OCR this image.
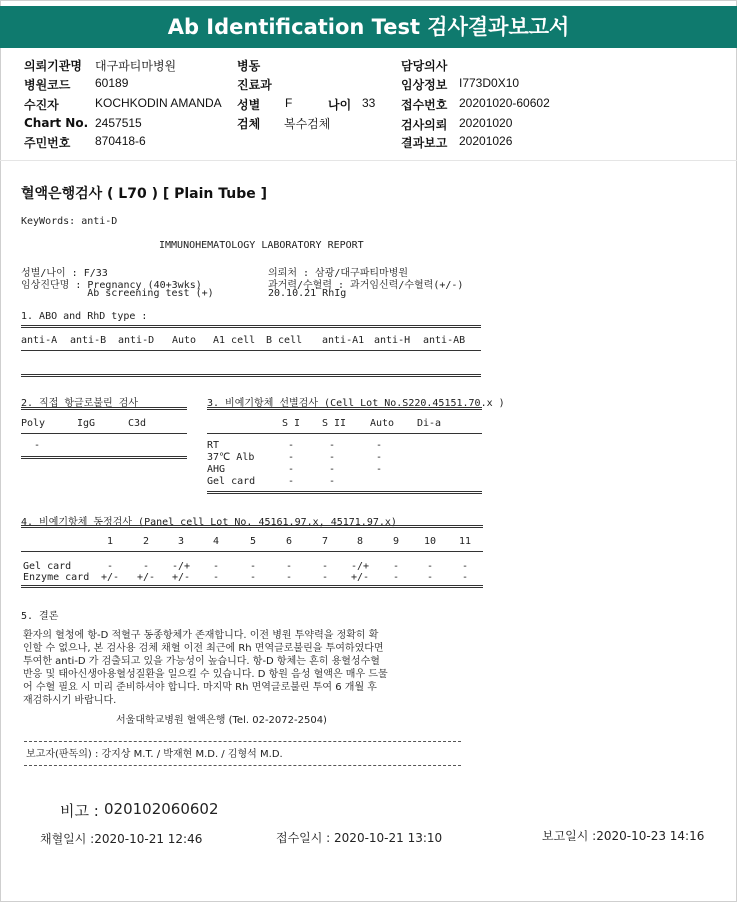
Ab Identification Test 검사결과보고서
의뢰기관명 대구파티마병원
병원코드 60189
수진자	KOCHKODIN AMANDA
Chart No. 2457515
주민번호 870418-6
병동
진료과
성별 F	나이 33
검체 복수검체
담당의사
임상정보 I773D0X10
접수번호 20201020-60602
검사의뢰 20201020
결과보고 20201026
혈액은행검사 ( L70 ) [ Plain Tube ]
KeyWords: anti-D
IMMUNOHEMATOLOGY LABORATORY REPORT
성별/나이 : F/33
임상진단명 : Pregnancy (40+3wks)
Ab screening test (+)
의뢰처 : 삼광/대구파티마병원
과거력/수혈력 : 과거임신력/수혈력(+/-)
20.10.21 RhIg
1. ABO and RhD type :
anti-A anti-B anti-D Auto A1 cell B cell anti-A1 anti-H anti-AB
2. 직접 항글로불린 검사
Poly	IgG	C3d
-
3. 비예기항체 선별검사 (Cell Lot No.S220.45151.70.x )
S I S II Auto Di-a
RT	-	-	-
37℃ Alb	-	-	-
AHG	-	-	-
Gel card	-	-
4. 비예기항체 동정검사 (Panel cell Lot No. 45161.97.x, 45171.97.x)
1	2	3	4	5	6	7	8	9 10 11
Gel card	-	- -/+ -	-	-	- -/+ -	-	-
Enzyme card +/- +/- +/- -	-	-	- +/- -	-	-
5. 결론
환자의 혈청에 항-D 적혈구 동종항체가 존재합니다. 이전 병원 투약력을 정확히 확
인할 수 없으나, 본 검사용 검체 채혈 이전 최근에 Rh 면역글로불린을 투여하였다면
투여한 anti-D 가 검출되고 있을 가능성이 높습니다. 항-D 항체는 흔히 용혈성수혈
반응 및 태아신생아용혈성질환을 일으킬 수 있습니다. D 항원 음성 혈액은 매우 드물
어 수혈 필요 시 미리 준비하셔야 합니다. 마지막 Rh 면역글로불린 투여 6 개월 후
재검하시기 바랍니다.
서울대학교병원 혈액은행 (Tel. 02-2072-2504)
보고자(판독의) : 강지상 M.T. / 박재현 M.D. / 김형석 M.D.
비고 : 020102060602
채혈일시 :2020-10-21 12:46	접수일시 : 2020-10-21 13:10	보고일시 :2020-10-23 14:16
